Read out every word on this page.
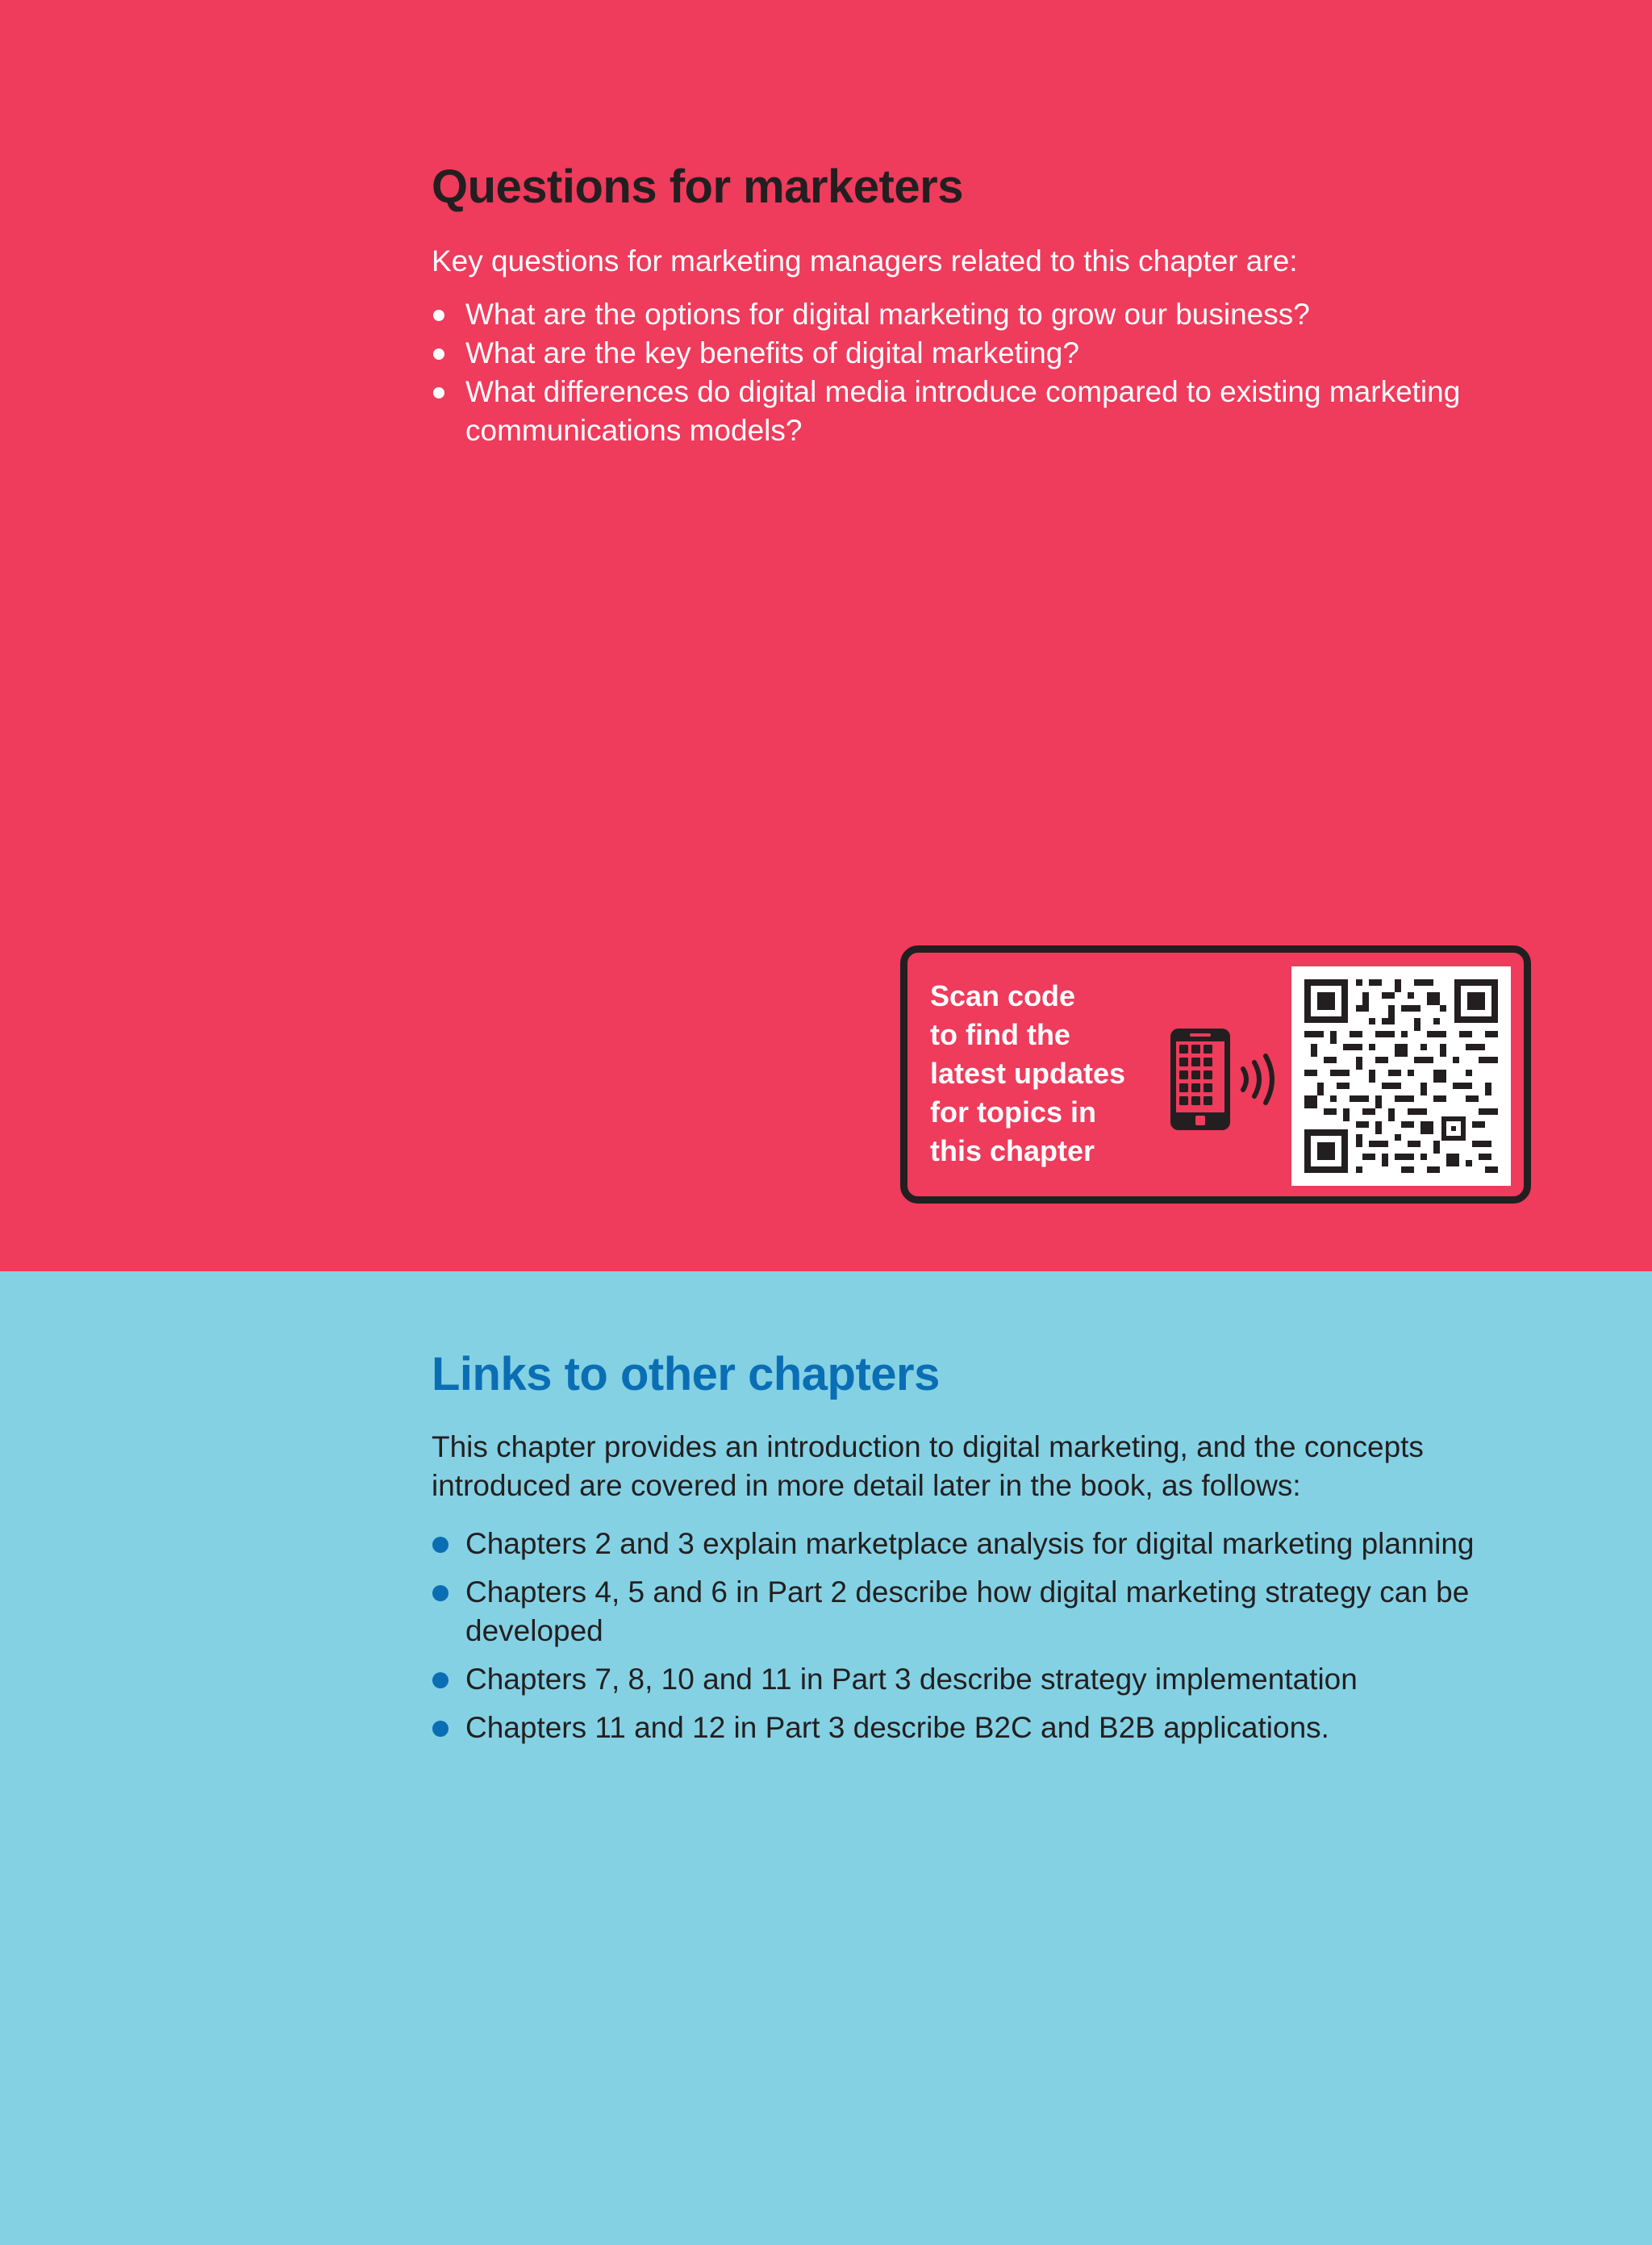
Questions for marketers

Key questions for marketing managers related to this chapter are:

What are the options for digital marketing to grow our business?
What are the key benefits of digital marketing?
What differences do digital media introduce compared to existing marketing communications models?

Scan code
to find the
latest updates
for topics in
this chapter

Links to other chapters

This chapter provides an introduction to digital marketing, and the concepts introduced are covered in more detail later in the book, as follows:

Chapters 2 and 3 explain marketplace analysis for digital marketing planning
Chapters 4, 5 and 6 in Part 2 describe how digital marketing strategy can be developed
Chapters 7, 8, 10 and 11 in Part 3 describe strategy implementation
Chapters 11 and 12 in Part 3 describe B2C and B2B applications.
